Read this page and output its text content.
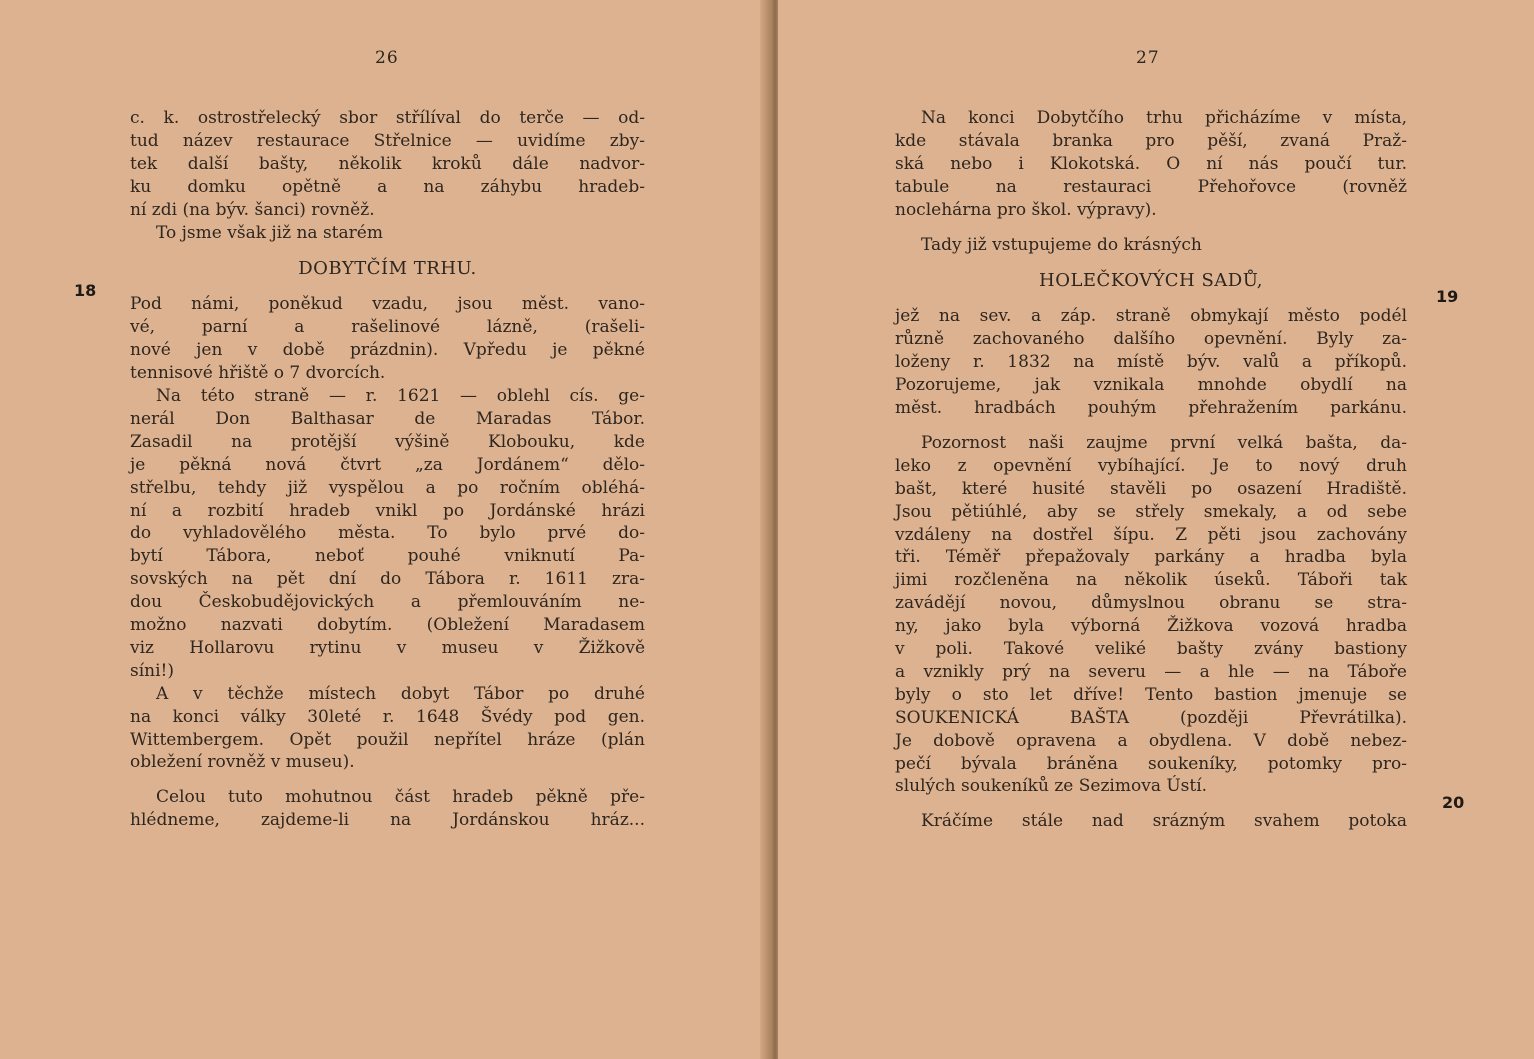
26
18
c. k. ostrostřelecký sbor střílíval do terče — od-
tud název restaurace Střelnice — uvidíme zby-
tek další bašty, několik kroků dále nadvor-
ku domku opětně a na záhybu hradeb-
ní zdi (na býv. šanci) rovněž.
To jsme však již na starém
DOBYTČÍM TRHU.
Pod námi, poněkud vzadu, jsou měst. vano-
vé, parní a rašelinové lázně, (rašeli-
nové jen v době prázdnin). Vpředu je pěkné
tennisové hřiště o 7 dvorcích.
Na této straně — r. 1621 — oblehl cís. ge-
nerál Don Balthasar de Maradas Tábor.
Zasadil na protější výšině Klobouku, kde
je pěkná nová čtvrt „za Jordánem“ dělo-
střelbu, tehdy již vyspělou a po ročním obléhá-
ní a rozbití hradeb vnikl po Jordánské hrázi
do vyhladovělého města. To bylo prvé do-
bytí Tábora, neboť pouhé vniknutí Pa-
sovských na pět dní do Tábora r. 1611 zra-
dou Českobudějovických a přemlouváním ne-
možno nazvati dobytím. (Obležení Maradasem
viz Hollarovu rytinu v museu v Žižkově
síni!)
A v těchže místech dobyt Tábor po druhé
na konci války 30leté r. 1648 Švédy pod gen.
Wittembergem. Opět použil nepřítel hráze (plán
obležení rovněž v museu).
Celou tuto mohutnou část hradeb pěkně pře-
hlédneme, zajdeme-li na Jordánskou hráz...
27
19
20
Na konci Dobytčího trhu přicházíme v místa,
kde stávala branka pro pěší, zvaná Praž-
ská nebo i Klokotská. O ní nás poučí tur.
tabule na restauraci Přehořovce (rovněž
noclehárna pro škol. výpravy).
Tady již vstupujeme do krásných
HOLEČKOVÝCH SADŮ,
jež na sev. a záp. straně obmykají město podél
různě zachovaného dalšího opevnění. Byly za-
loženy r. 1832 na místě býv. valů a příkopů.
Pozorujeme, jak vznikala mnohde obydlí na
měst. hradbách pouhým přehražením parkánu.
Pozornost naši zaujme první velká bašta, da-
leko z opevnění vybíhající. Je to nový druh
bašt, které husité stavěli po osazení Hradiště.
Jsou pětiúhlé, aby se střely smekaly, a od sebe
vzdáleny na dostřel šípu. Z pěti jsou zachovány
tři. Téměř přepažovaly parkány a hradba byla
jimi rozčleněna na několik úseků. Táboři tak
zavádějí novou, důmyslnou obranu se stra-
ny, jako byla výborná Žižkova vozová hradba
v poli. Takové veliké bašty zvány bastiony
a vznikly prý na severu — a hle — na Táboře
byly o sto let dříve! Tento bastion jmenuje se
SOUKENICKÁ BAŠTA (později Převrátilka).
Je dobově opravena a obydlena. V době nebez-
pečí bývala bráněna soukeníky, potomky pro-
slulých soukeníků ze Sezimova Ústí.
Kráčíme stále nad srázným svahem potoka
